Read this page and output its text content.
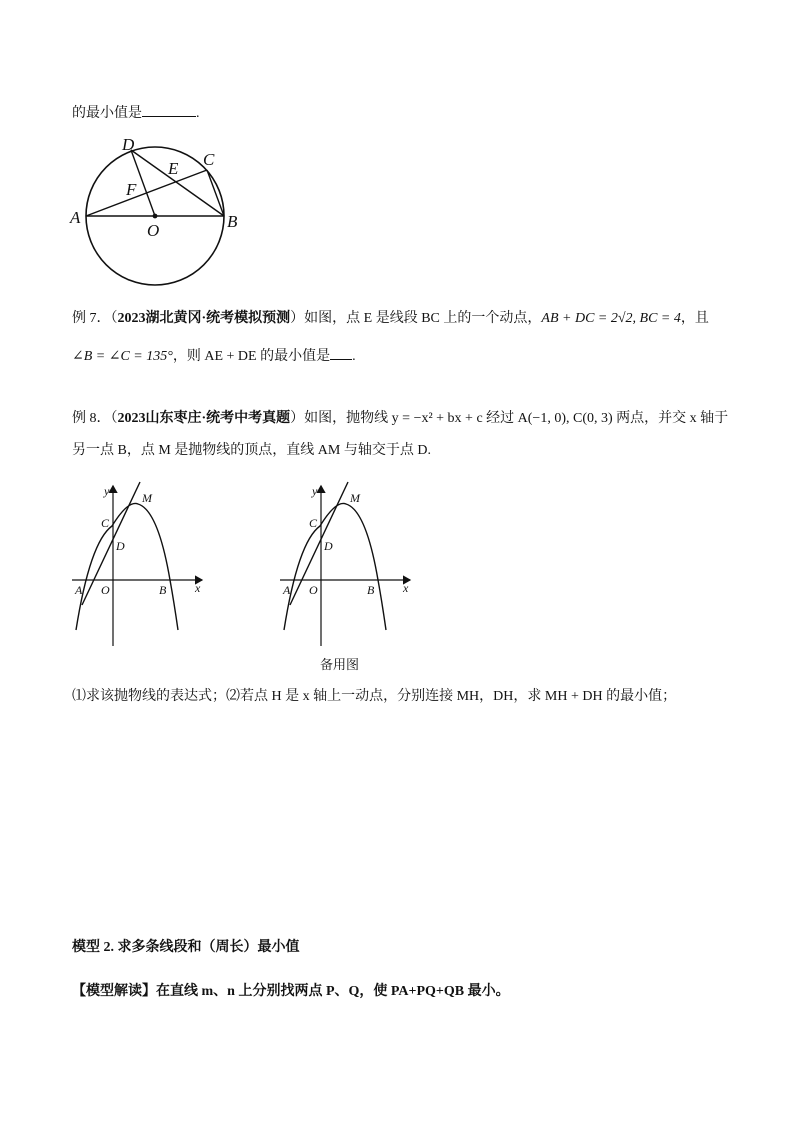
的最小值是	.
A	B
C
D
E
F
O
例 7．（2023湖北黄冈·统考模拟预测）如图，点 E 是线段 BC 上的一个动点，AB + DC = 2√2, BC = 4，且
∠B = ∠C = 135°，则 AE + DE 的最小值是 .
例 8．（2023山东枣庄·统考中考真题）如图，抛物线 y = −x² + bx + c 经过 A(−1, 0), C(0, 3) 两点，并交 x 轴于
另一点 B，点 M 是抛物线的顶点，直线 AM 与轴交于点 D.
y
x
M
C
D
A O	B
y
x
M
C
D
A O	B
备用图
⑴求该抛物线的表达式；⑵若点 H 是 x 轴上一动点，分别连接 MH，DH，求 MH + DH 的最小值；
模型 2. 求多条线段和（周长）最小值
【模型解读】在直线 m、n 上分别找两点 P、Q，使 PA+PQ+QB 最小。
